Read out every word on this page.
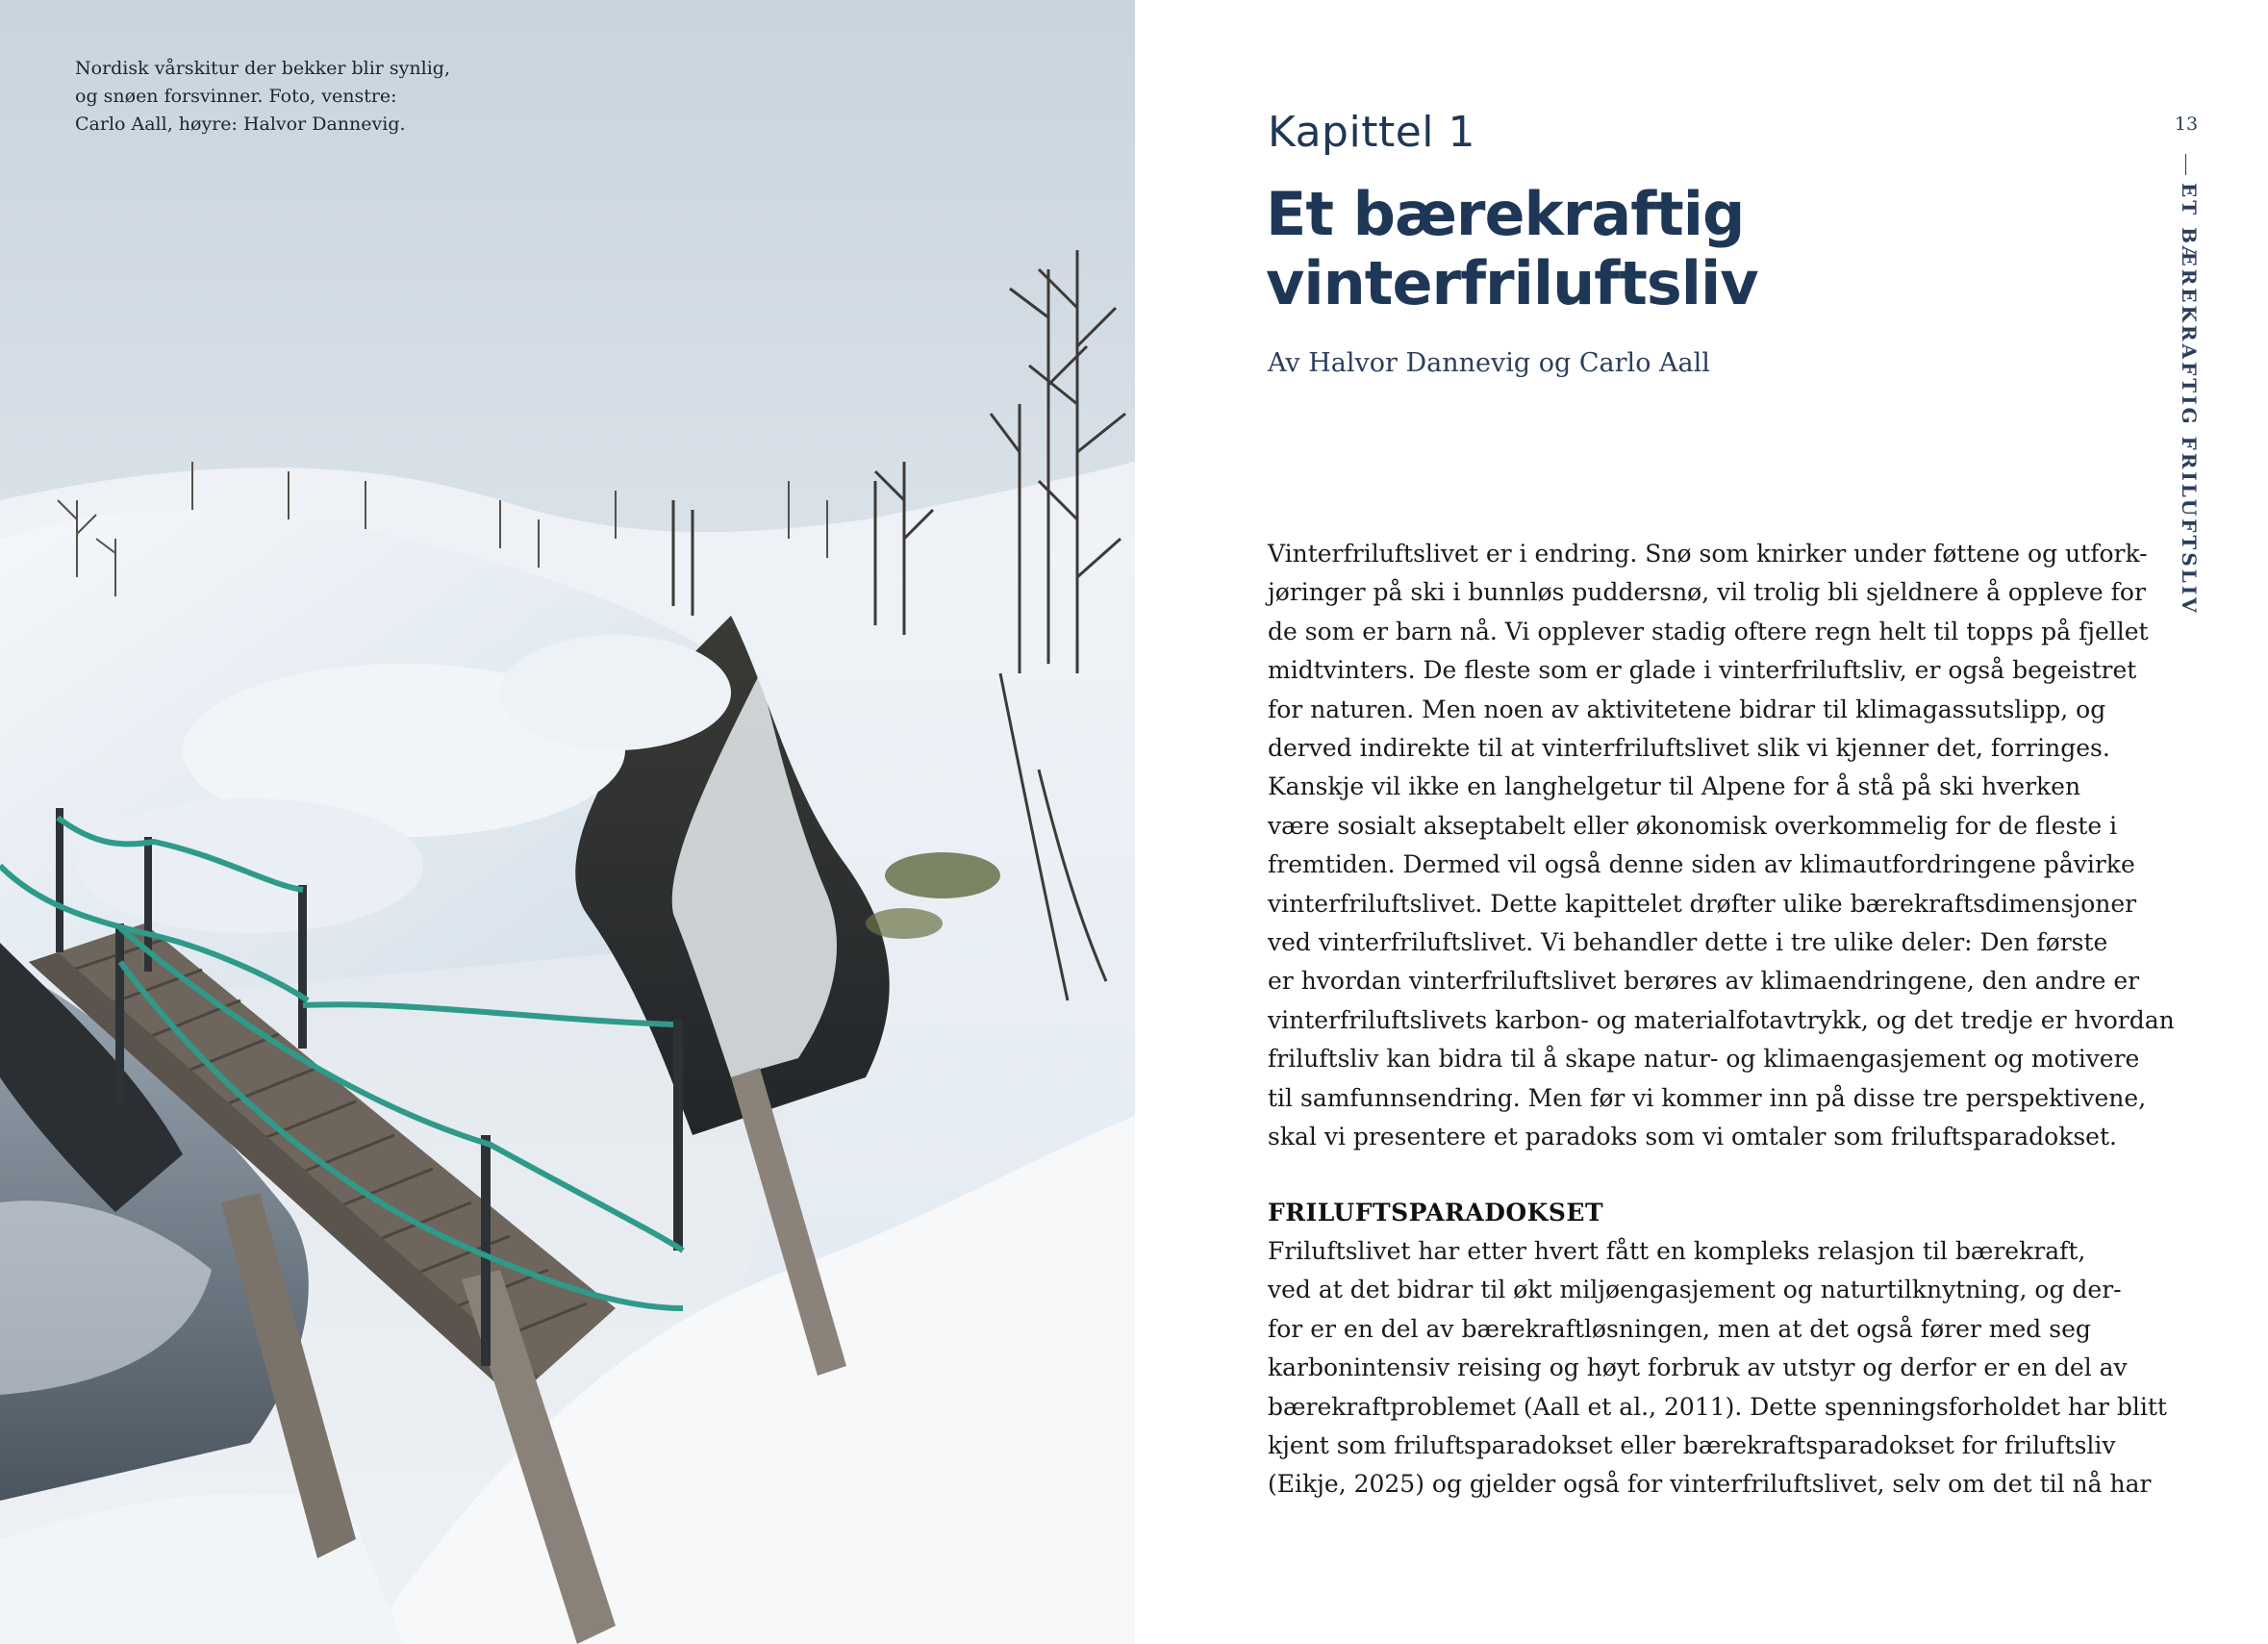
Nordisk vårskitur der bekker blir synlig,
og snøen forsvinner. Foto, venstre:
Carlo Aall, høyre: Halvor Dannevig.	Kapittel 1
Et bærekraftig
vinterfriluftsliv
Av Halvor Dannevig og Carlo Aall
Vinterfriluftslivet er i endring. Snø som knirker under føttene og utfork-
jøringer på ski i bunnløs puddersnø, vil trolig bli sjeldnere å oppleve for
de som er barn nå. Vi opplever stadig oftere regn helt til topps på fjellet
midtvinters. De fleste som er glade i vinterfriluftsliv, er også begeistret
for naturen. Men noen av aktivitetene bidrar til klimagassutslipp, og
derved indirekte til at vinterfriluftslivet slik vi kjenner det, forringes.
Kanskje vil ikke en langhelgetur til Alpene for å stå på ski hverken
være sosialt akseptabelt eller økonomisk overkommelig for de fleste i
fremtiden. Dermed vil også denne siden av klimautfordringene påvirke
vinterfriluftslivet. Dette kapittelet drøfter ulike bærekraftsdimensjoner
ved vinterfriluftslivet. Vi behandler dette i tre ulike deler: Den første
er hvordan vinterfriluftslivet berøres av klimaendringene, den andre er
vinterfriluftslivets karbon- og materialfotavtrykk, og det tredje er hvordan
friluftsliv kan bidra til å skape natur- og klimaengasjement og motivere
til samfunnsendring. Men før vi kommer inn på disse tre perspektivene,
skal vi presentere et paradoks som vi omtaler som friluftsparadokset.
FRILUFTSPARADOKSET
Friluftslivet har etter hvert fått en kompleks relasjon til bærekraft,
ved at det bidrar til økt miljøengasjement og naturtilknytning, og der-
for er en del av bærekraftløsningen, men at det også fører med seg
karbonintensiv reising og høyt forbruk av utstyr og derfor er en del av
bærekraftproblemet (Aall et al., 2011). Dette spenningsforholdet har blitt
kjent som friluftsparadokset eller bærekraftsparadokset for friluftsliv
(Eikje, 2025) og gjelder også for vinterfriluftslivet, selv om det til nå har
13
ET BÆREKRAFTIG FRILUFTSLIV
